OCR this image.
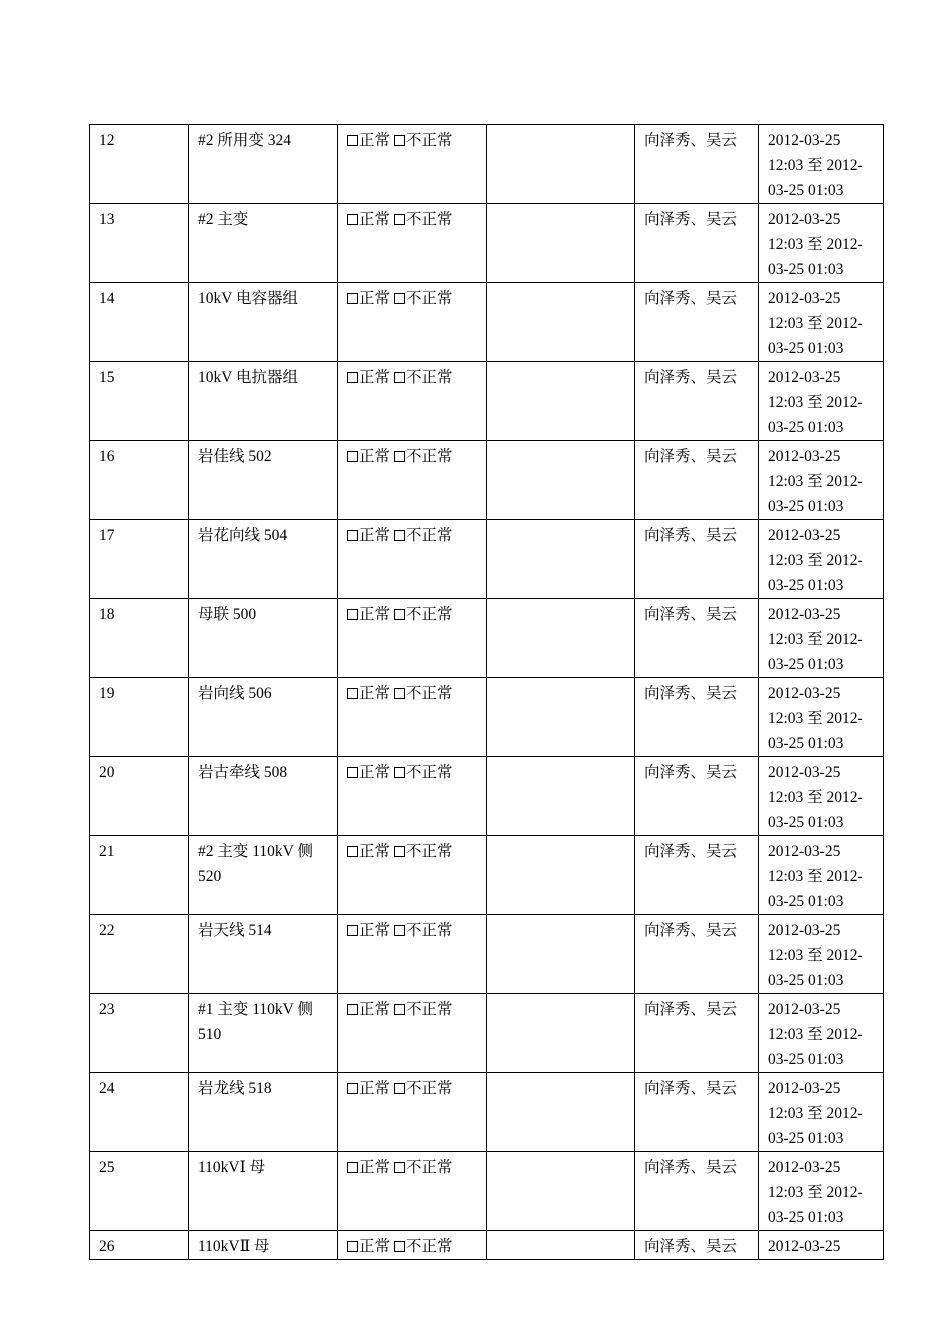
12	#2 所用变 324	正常 不正常		向泽秀、吴云	2012-03-25 12:03 至 2012-03-25 01:03
13	#2 主变	正常 不正常		向泽秀、吴云	2012-03-25 12:03 至 2012-03-25 01:03
14	10kV 电容器组	正常 不正常		向泽秀、吴云	2012-03-25 12:03 至 2012-03-25 01:03
15	10kV 电抗器组	正常 不正常		向泽秀、吴云	2012-03-25 12:03 至 2012-03-25 01:03
16	岩佳线 502	正常 不正常		向泽秀、吴云	2012-03-25 12:03 至 2012-03-25 01:03
17	岩花向线 504	正常 不正常		向泽秀、吴云	2012-03-25 12:03 至 2012-03-25 01:03
18	母联 500	正常 不正常		向泽秀、吴云	2012-03-25 12:03 至 2012-03-25 01:03
19	岩向线 506	正常 不正常		向泽秀、吴云	2012-03-25 12:03 至 2012-03-25 01:03
20	岩古牵线 508	正常 不正常		向泽秀、吴云	2012-03-25 12:03 至 2012-03-25 01:03
21	#2 主变 110kV 侧 520	正常 不正常		向泽秀、吴云	2012-03-25 12:03 至 2012-03-25 01:03
22	岩天线 514	正常 不正常		向泽秀、吴云	2012-03-25 12:03 至 2012-03-25 01:03
23	#1 主变 110kV 侧 510	正常 不正常		向泽秀、吴云	2012-03-25 12:03 至 2012-03-25 01:03
24	岩龙线 518	正常 不正常		向泽秀、吴云	2012-03-25 12:03 至 2012-03-25 01:03
25	110kVⅠ 母	正常 不正常		向泽秀、吴云	2012-03-25 12:03 至 2012-03-25 01:03
26	110kVⅡ 母	正常 不正常		向泽秀、吴云	2012-03-25
